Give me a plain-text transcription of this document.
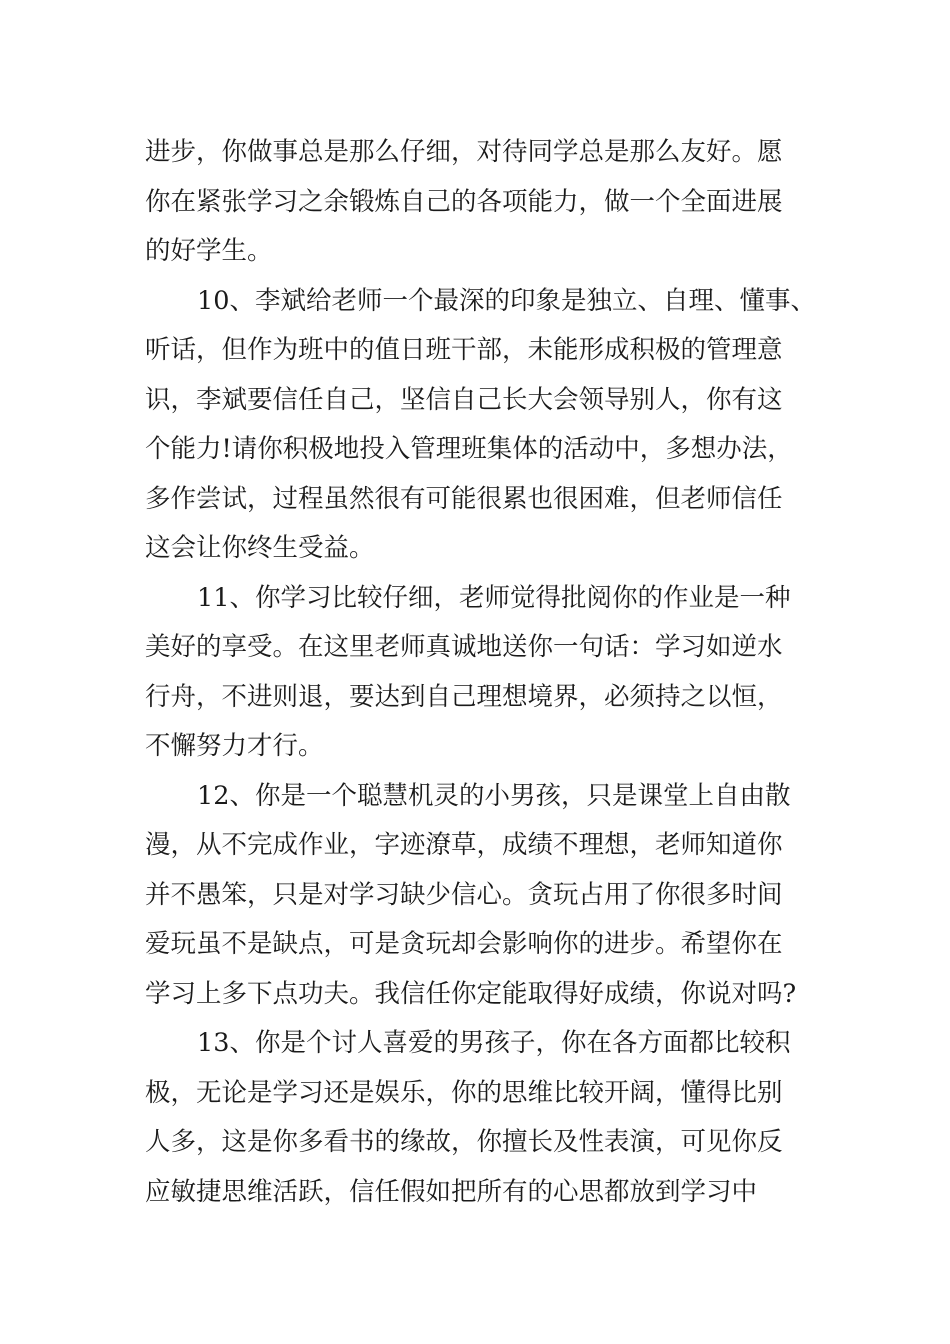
进步，你做事总是那么仔细，对待同学总是那么友好。愿
你在紧张学习之余锻炼自己的各项能力，做一个全面进展
的好学生。
10、李斌给老师一个最深的印象是独立、自理、懂事、
听话，但作为班中的值日班干部，未能形成积极的管理意
识，李斌要信任自己，坚信自己长大会领导别人，你有这
个能力!请你积极地投入管理班集体的活动中，多想办法，
多作尝试，过程虽然很有可能很累也很困难，但老师信任
这会让你终生受益。
11、你学习比较仔细，老师觉得批阅你的作业是一种
美好的享受。在这里老师真诚地送你一句话：学习如逆水
行舟，不进则退，要达到自己理想境界，必须持之以恒，
不懈努力才行。
12、你是一个聪慧机灵的小男孩，只是课堂上自由散
漫，从不完成作业，字迹潦草，成绩不理想，老师知道你
并不愚笨，只是对学习缺少信心。贪玩占用了你很多时间
爱玩虽不是缺点，可是贪玩却会影响你的进步。希望你在
学习上多下点功夫。我信任你定能取得好成绩，你说对吗?
13、你是个讨人喜爱的男孩子，你在各方面都比较积
极，无论是学习还是娱乐，你的思维比较开阔，懂得比别
人多，这是你多看书的缘故，你擅长及性表演，可见你反
应敏捷思维活跃，信任假如把所有的心思都放到学习中
